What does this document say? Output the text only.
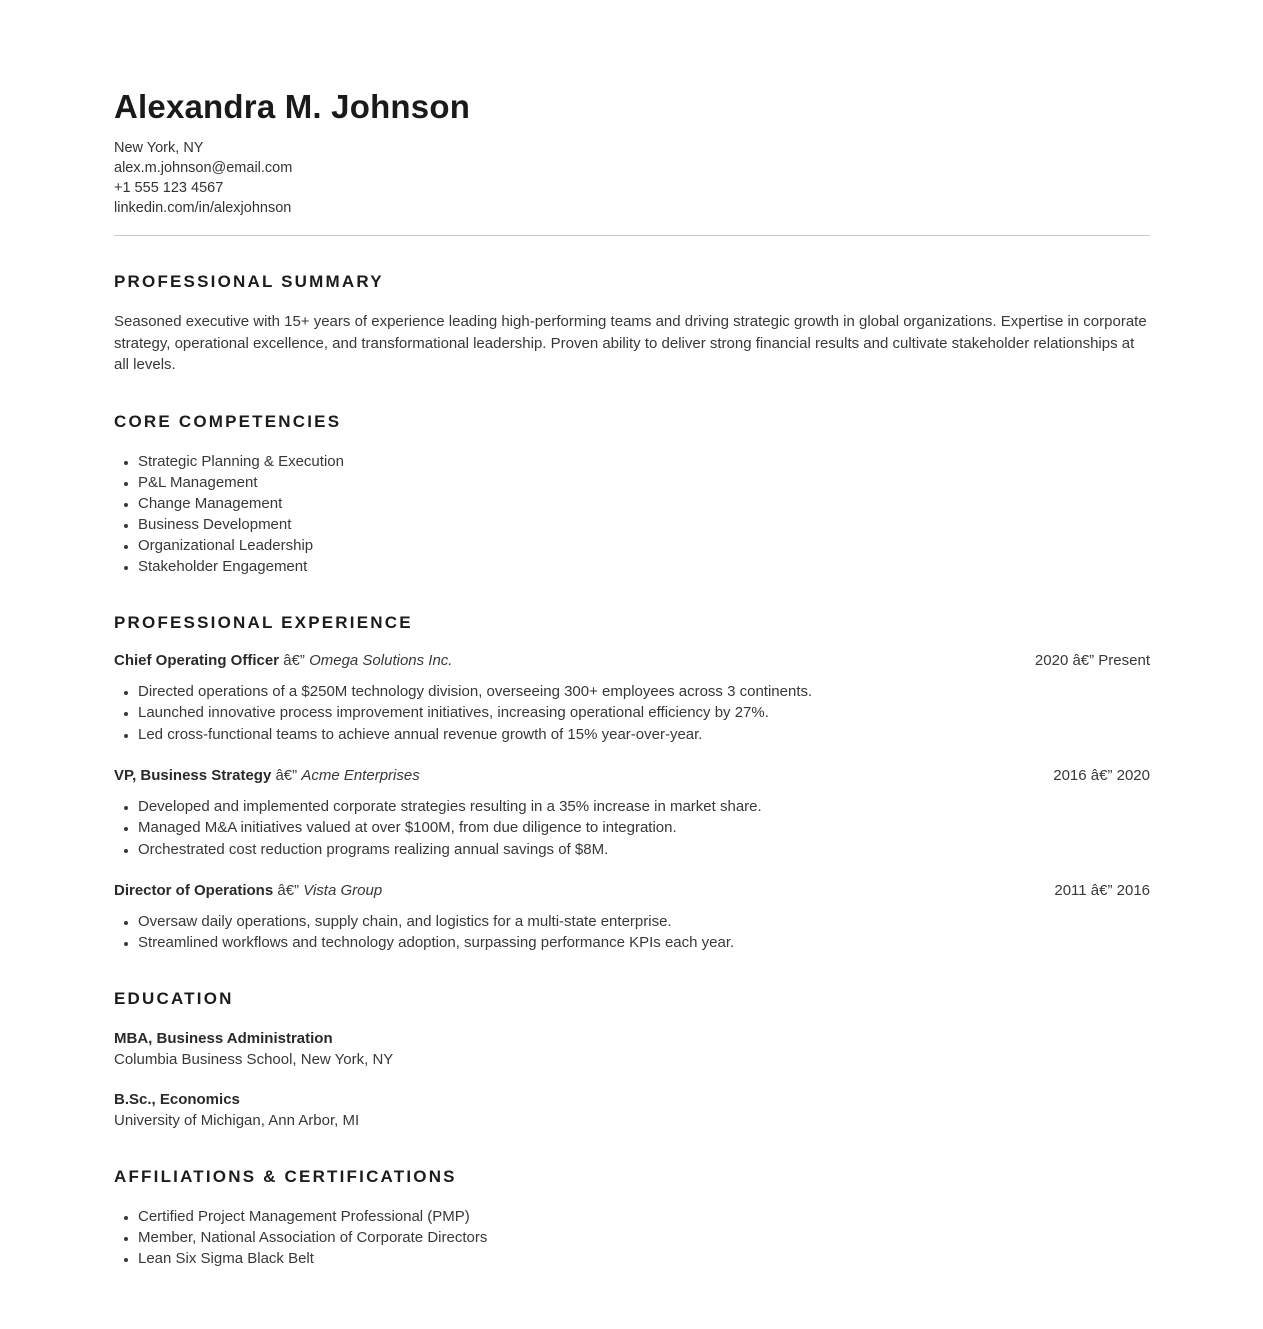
Alexandra M. Johnson
New York, NY
alex.m.johnson@email.com
+1 555 123 4567
linkedin.com/in/alexjohnson
PROFESSIONAL SUMMARY

Seasoned executive with 15+ years of experience leading high-performing teams and driving strategic growth in global organizations. Expertise in corporate strategy, operational excellence, and transformational leadership. Proven ability to deliver strong financial results and cultivate stakeholder relationships at all levels.

CORE COMPETENCIES
• Strategic Planning & Execution
• P&L Management
• Change Management
• Business Development
• Organizational Leadership
• Stakeholder Engagement
PROFESSIONAL EXPERIENCE
Chief Operating Officer â€” Omega Solutions Inc.	2020 â€” Present
• Directed operations of a $250M technology division, overseeing 300+ employees across 3 continents.
• Launched innovative process improvement initiatives, increasing operational efficiency by 27%.
• Led cross-functional teams to achieve annual revenue growth of 15% year-over-year.
VP, Business Strategy â€” Acme Enterprises	2016 â€” 2020
• Developed and implemented corporate strategies resulting in a 35% increase in market share.
• Managed M&A initiatives valued at over $100M, from due diligence to integration.
• Orchestrated cost reduction programs realizing annual savings of $8M.
Director of Operations â€” Vista Group	2011 â€” 2016
• Oversaw daily operations, supply chain, and logistics for a multi-state enterprise.
• Streamlined workflows and technology adoption, surpassing performance KPIs each year.
EDUCATION
MBA, Business Administration
Columbia Business School, New York, NY
B.Sc., Economics
University of Michigan, Ann Arbor, MI
AFFILIATIONS & CERTIFICATIONS
• Certified Project Management Professional (PMP)
• Member, National Association of Corporate Directors
• Lean Six Sigma Black Belt
